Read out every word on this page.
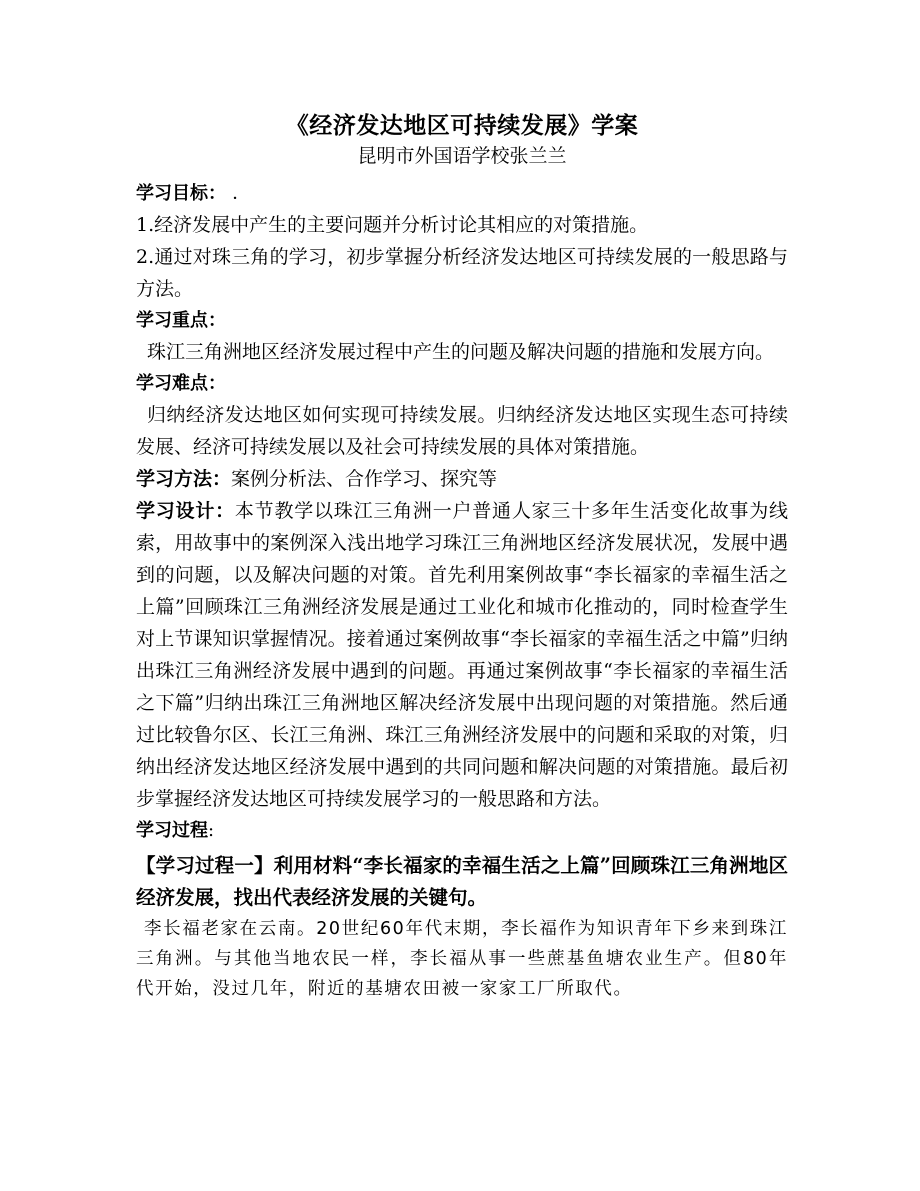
《经济发达地区可持续发展》学案
昆明市外国语学校张兰兰
学习目标： ．

1.经济发展中产生的主要问题并分析讨论其相应的对策措施。

2.通过对珠三角的学习，初步掌握分析经济发达地区可持续发展的一般思路与方法。

学习重点：

珠江三角洲地区经济发展过程中产生的问题及解决问题的措施和发展方向。

学习难点：

归纳经济发达地区如何实现可持续发展。归纳经济发达地区实现生态可持续发展、经济可持续发展以及社会可持续发展的具体对策措施。

学习方法：案例分析法、合作学习、探究等

学习设计：本节教学以珠江三角洲一户普通人家三十多年生活变化故事为线索，用故事中的案例深入浅出地学习珠江三角洲地区经济发展状况，发展中遇到的问题，以及解决问题的对策。首先利用案例故事“李长福家的幸福生活之上篇”回顾珠江三角洲经济发展是通过工业化和城市化推动的，同时检查学生对上节课知识掌握情况。接着通过案例故事“李长福家的幸福生活之中篇”归纳出珠江三角洲经济发展中遇到的问题。再通过案例故事“李长福家的幸福生活之下篇”归纳出珠江三角洲地区解决经济发展中出现问题的对策措施。然后通过比较鲁尔区、长江三角洲、珠江三角洲经济发展中的问题和采取的对策，归纳出经济发达地区经济发展中遇到的共同问题和解决问题的对策措施。最后初步掌握经济发达地区可持续发展学习的一般思路和方法。

学习过程:

【学习过程一】利用材料“李长福家的幸福生活之上篇”回顾珠江三角洲地区经济发展，找出代表经济发展的关键句。

李长福老家在云南。20世纪60年代末期，李长福作为知识青年下乡来到珠江三角洲。与其他当地农民一样，李长福从事一些蔗基鱼塘农业生产。但80年代开始，没过几年，附近的基塘农田被一家家工厂所取代。
